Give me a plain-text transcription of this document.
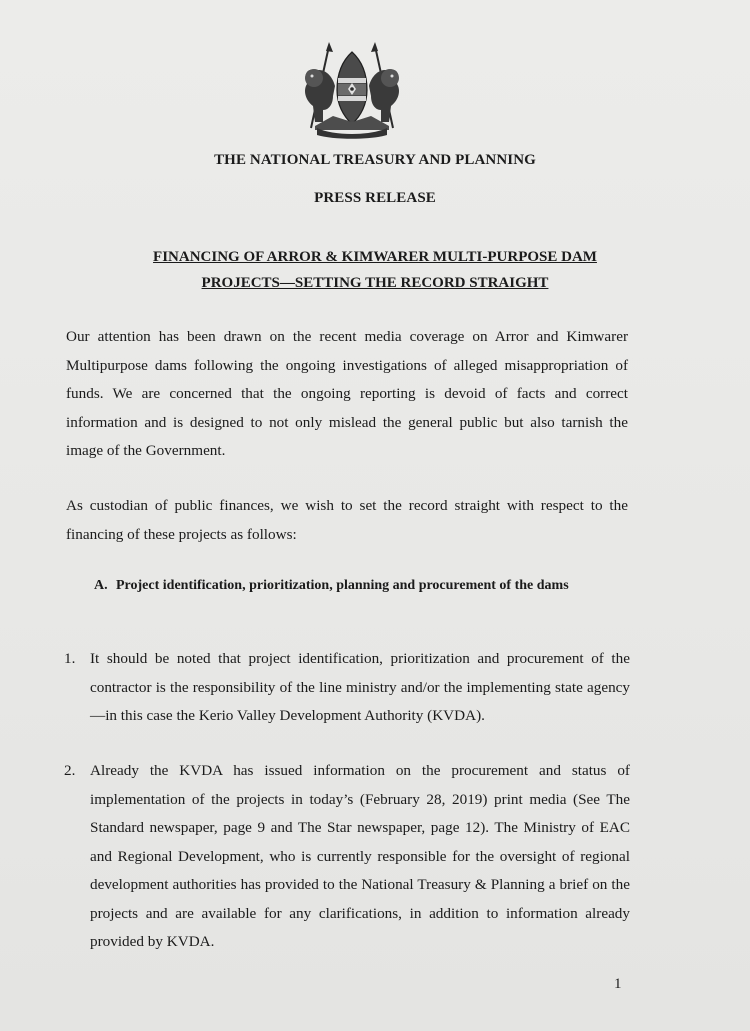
THE NATIONAL TREASURY AND PLANNING
PRESS RELEASE
FINANCING OF ARROR & KIMWARER MULTI-PURPOSE DAM
PROJECTS—SETTING THE RECORD STRAIGHT
Our attention has been drawn on the recent media coverage on Arror and Kimwarer Multipurpose dams following the ongoing investigations of alleged misappropriation of funds. We are concerned that the ongoing reporting is devoid of facts and correct information and is designed to not only mislead the general public but also tarnish the image of the Government.
As custodian of public finances, we wish to set the record straight with respect to the financing of these projects as follows:
A. Project identification, prioritization, planning and procurement of the dams
1. It should be noted that project identification, prioritization and procurement of the contractor is the responsibility of the line ministry and/or the implementing state agency—in this case the Kerio Valley Development Authority (KVDA).
2. Already the KVDA has issued information on the procurement and status of implementation of the projects in today’s (February 28, 2019) print media (See The Standard newspaper, page 9 and The Star newspaper, page 12). The Ministry of EAC and Regional Development, who is currently responsible for the oversight of regional development authorities has provided to the National Treasury & Planning a brief on the projects and are available for any clarifications, in addition to information already provided by KVDA.
1
